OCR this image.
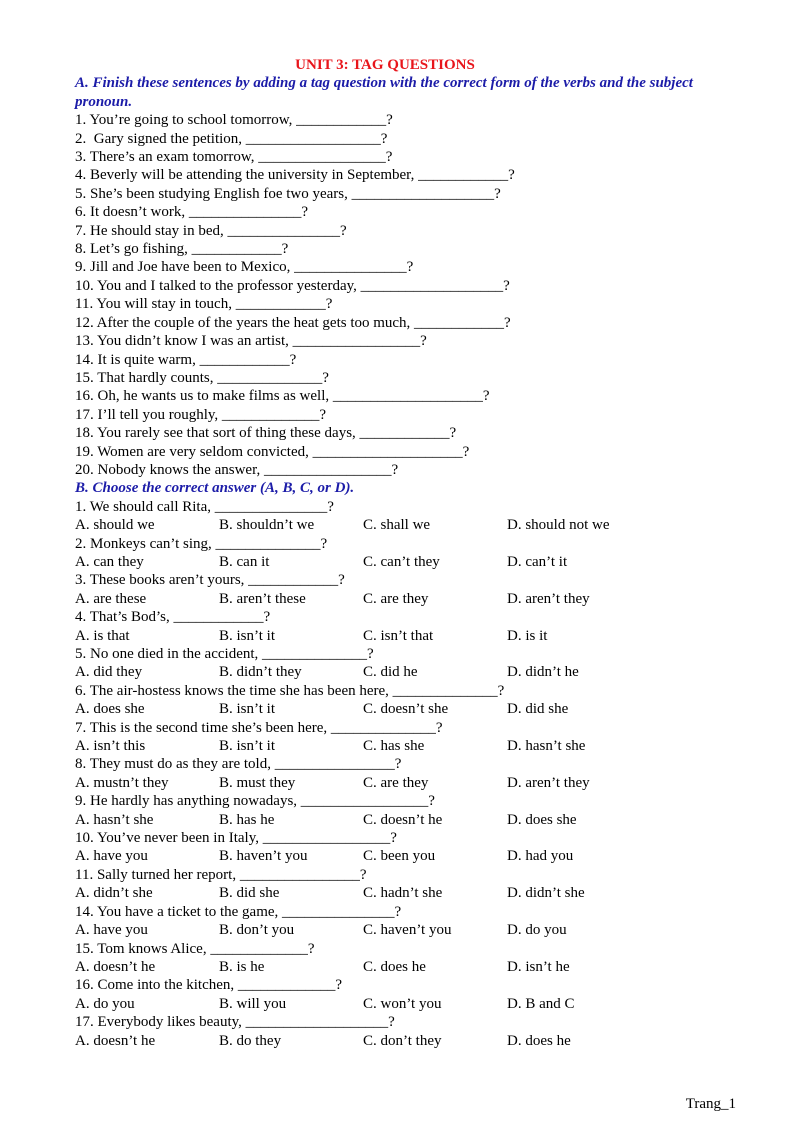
UNIT 3: TAG QUESTIONS
A. Finish these sentences by adding a tag question with the correct form of the verbs and the subject
pronoun.
1. You’re going to school tomorrow, ____________?
2.  Gary signed the petition, __________________?
3. There’s an exam tomorrow, _________________?
4. Beverly will be attending the university in September, ____________?
5. She’s been studying English foe two years, ___________________?
6. It doesn’t work, _______________?
7. He should stay in bed, _______________?
8. Let’s go fishing, ____________?
9. Jill and Joe have been to Mexico, _______________?
10. You and I talked to the professor yesterday, ___________________?
11. You will stay in touch, ____________?
12. After the couple of the years the heat gets too much, ____________?
13. You didn’t know I was an artist, _________________?
14. It is quite warm, ____________?
15. That hardly counts, ______________?
16. Oh, he wants us to make films as well, ____________________?
17. I’ll tell you roughly, _____________?
18. You rarely see that sort of thing these days, ____________?
19. Women are very seldom convicted, ____________________?
20. Nobody knows the answer, _________________?
B. Choose the correct answer (A, B, C, or D).
1. We should call Rita, _______________?
A. should we	B. shouldn’t we	C. shall we	D. should not we
2. Monkeys can’t sing, ______________?
A. can they	B. can it	C. can’t they	D. can’t it
3. These books aren’t yours, ____________?
A. are these	B. aren’t these	C. are they	D. aren’t they
4. That’s Bod’s, ____________?
A. is that	B. isn’t it	C. isn’t that	D. is it
5. No one died in the accident, ______________?
A. did they	B. didn’t they	C. did he	D. didn’t he
6. The air-hostess knows the time she has been here, ______________?
A. does she	B. isn’t it	C. doesn’t she	D. did she
7. This is the second time she’s been here, ______________?
A. isn’t this	B. isn’t it	C. has she	D. hasn’t she
8. They must do as they are told, ________________?
A. mustn’t they	B. must they	C. are they	D. aren’t they
9. He hardly has anything nowadays, _________________?
A. hasn’t she	B. has he	C. doesn’t he	D. does she
10. You’ve never been in Italy, _________________?
A. have you	B. haven’t you	C. been you	D. had you
11. Sally turned her report, ________________?
A. didn’t she	B. did she	C. hadn’t she	D. didn’t she
14. You have a ticket to the game, _______________?
A. have you	B. don’t you	C. haven’t you	D. do you
15. Tom knows Alice, _____________?
A. doesn’t he	B. is he	C. does he	D. isn’t he
16. Come into the kitchen, _____________?
A. do you	B. will you	C. won’t you	D. B and C
17. Everybody likes beauty, ___________________?
A. doesn’t he	B. do they	C. don’t they	D. does he
Trang_1
